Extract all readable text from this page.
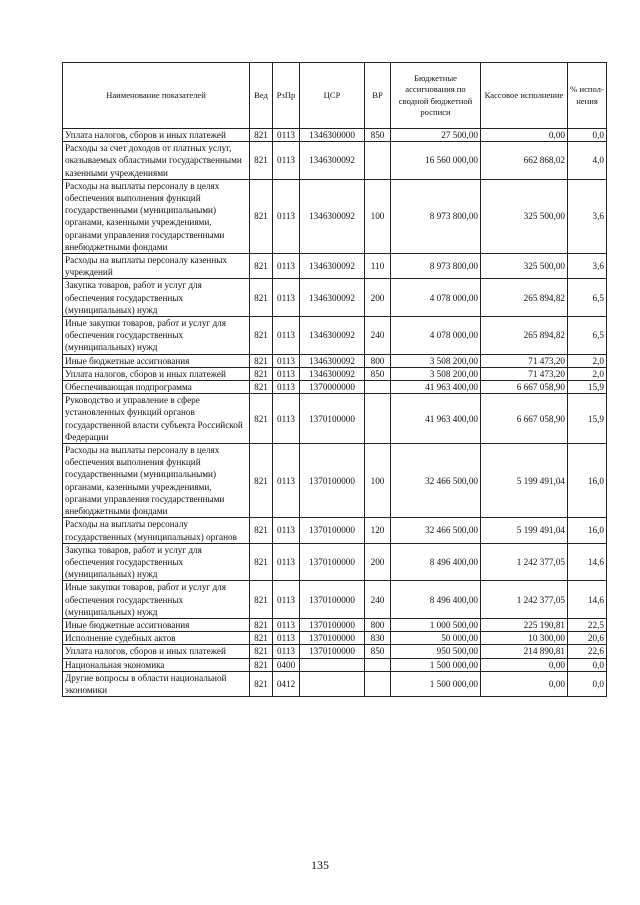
Наименование показателей	Вед	РзПр	ЦСР	ВР	Бюджетные ассигнования по сводной бюджетной росписи	Кассовое исполнение	% испол-нения
Уплата налогов, сборов и иных платежей	821	0113	1346300000	850	27 500,00	0,00	0,0
Расходы за счет доходов от платных услуг, оказываемых областными государственными казенными учреждениями	821	0113	1346300092		16 560 000,00	662 868,02	4,0
Расходы на выплаты персоналу в целях обеспечения выполнения функций государственными (муниципальными) органами, казенными учреждениями, органами управления государственными внебюджетными фондами	821	0113	1346300092	100	8 973 800,00	325 500,00	3,6
Расходы на выплаты персоналу казенных учреждений	821	0113	1346300092	110	8 973 800,00	325 500,00	3,6
Закупка товаров, работ и услуг для обеспечения государственных (муниципальных) нужд	821	0113	1346300092	200	4 078 000,00	265 894,82	6,5
Иные закупки товаров, работ и услуг для обеспечения государственных (муниципальных) нужд	821	0113	1346300092	240	4 078 000,00	265 894,82	6,5
Иные бюджетные ассигнования	821	0113	1346300092	800	3 508 200,00	71 473,20	2,0
Уплата налогов, сборов и иных платежей	821	0113	1346300092	850	3 508 200,00	71 473,20	2,0
Обеспечивающая подпрограмма	821	0113	1370000000		41 963 400,00	6 667 058,90	15,9
Руководство и управление в сфере установленных функций органов государственной власти субъекта Российской Федерации	821	0113	1370100000		41 963 400,00	6 667 058,90	15,9
Расходы на выплаты персоналу в целях обеспечения выполнения функций государственными (муниципальными) органами, казенными учреждениями, органами управления государственными внебюджетными фондами	821	0113	1370100000	100	32 466 500,00	5 199 491,04	16,0
Расходы на выплаты персоналу государственных (муниципальных) органов	821	0113	1370100000	120	32 466 500,00	5 199 491,04	16,0
Закупка товаров, работ и услуг для обеспечения государственных (муниципальных) нужд	821	0113	1370100000	200	8 496 400,00	1 242 377,05	14,6
Иные закупки товаров, работ и услуг для обеспечения государственных (муниципальных) нужд	821	0113	1370100000	240	8 496 400,00	1 242 377,05	14,6
Иные бюджетные ассигнования	821	0113	1370100000	800	1 000 500,00	225 190,81	22,5
Исполнение судебных актов	821	0113	1370100000	830	50 000,00	10 300,00	20,6
Уплата налогов, сборов и иных платежей	821	0113	1370100000	850	950 500,00	214 890,81	22,6
Национальная экономика	821	0400			1 500 000,00	0,00	0,0
Другие вопросы в области национальной экономики	821	0412			1 500 000,00	0,00	0,0
135
